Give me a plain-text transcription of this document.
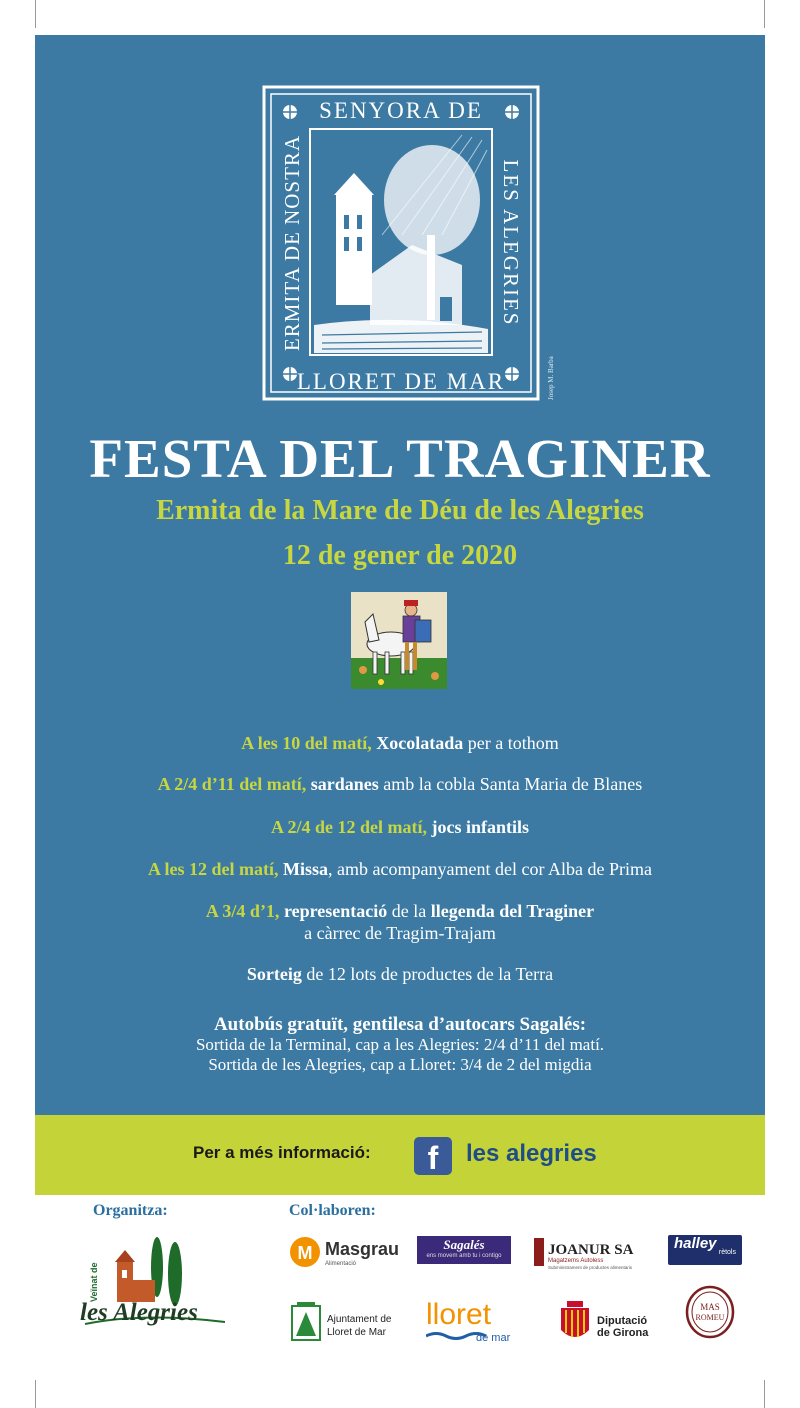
SENYORA DE
LLORET DE MAR
ERMITA DE NOSTRA	LES ALEGRIES
Josep M. Barba
FESTA DEL TRAGINER
Ermita de la Mare de Déu de les Alegries
12 de gener de 2020
A les 10 del matí, Xocolatada per a tothom
A 2/4 d’11 del matí, sardanes amb la cobla Santa Maria de Blanes
A 2/4 de 12 del matí, jocs infantils
A les 12 del matí, Missa, amb acompanyament del cor Alba de Prima
A 3/4 d’1, representació de la llegenda del Traginer
a càrrec de Tragim-Trajam
Sorteig de 12 lots de productes de la Terra
Autobús gratuït, gentilesa d’autocars Sagalés:
Sortida de la Terminal, cap a les Alegries: 2/4 d’11 del matí.
Sortida de les Alegries, cap a Lloret: 3/4 de 2 del migdia
Per a més informació:	f	les alegries
Organitza:	Col·laboren:
Veïnat de
les Alegries
M Masgrau
Alimentació
Sagalés
ens movem amb tu i contigo	JOANUR SA
Magatzems Autoless
Subministrament de productes alimentaris
halley
rètols
Ajuntament de
Lloret de Mar
lloret
de mar
Diputació
de Girona
MAS
ROMEU
